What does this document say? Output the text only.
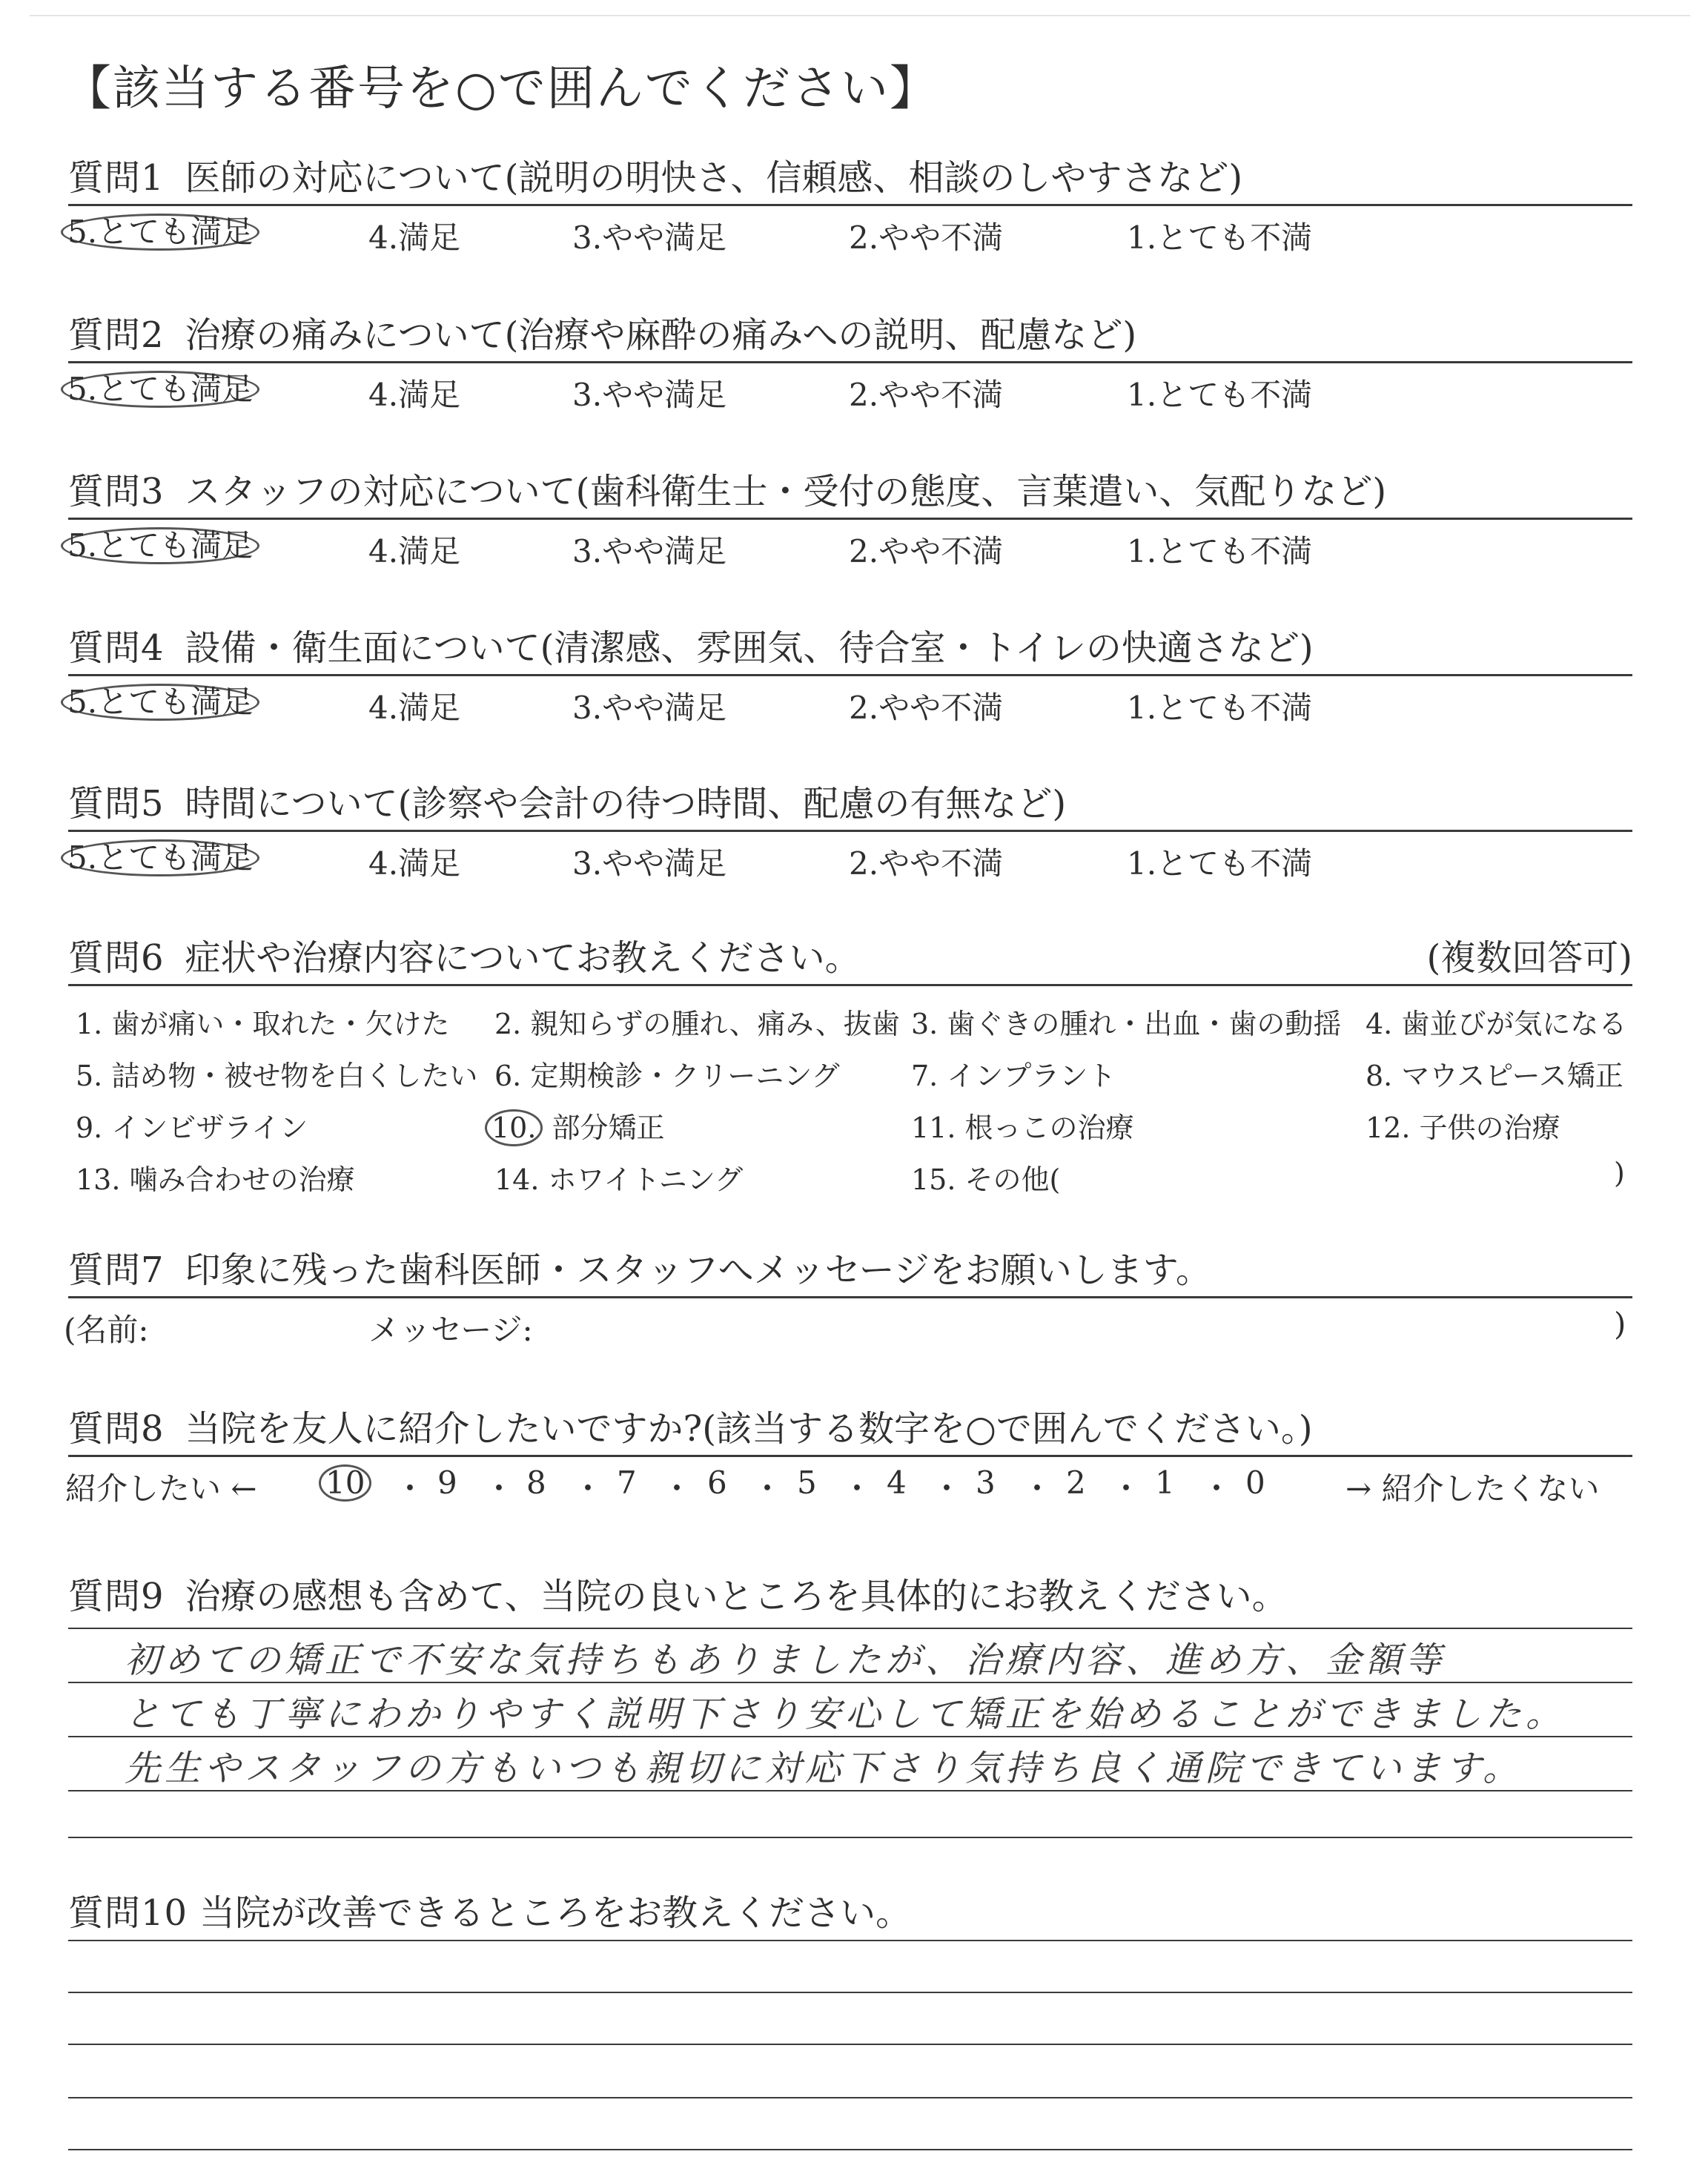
【該当する番号を○で囲んでください】
質問1 医師の対応について(説明の明快さ、信頼感、相談のしやすさなど)
5.とても満足	4.満足	3.やや満足	2.やや不満	1.とても不満
質問2 治療の痛みについて(治療や麻酔の痛みへの説明、配慮など)
5.とても満足	4.満足	3.やや満足	2.やや不満	1.とても不満
質問3 スタッフの対応について(歯科衛生士・受付の態度、言葉遣い、気配りなど)
5.とても満足	4.満足	3.やや満足	2.やや不満	1.とても不満
質問4 設備・衛生面について(清潔感、雰囲気、待合室・トイレの快適さなど)
5.とても満足	4.満足	3.やや満足	2.やや不満	1.とても不満
質問5 時間について(診察や会計の待つ時間、配慮の有無など)
5.とても満足	4.満足	3.やや満足	2.やや不満	1.とても不満
質問6 症状や治療内容についてお教えください。	(複数回答可)
1. 歯が痛い・取れた・欠けた 2. 親知らずの腫れ、痛み、抜歯 3. 歯ぐきの腫れ・出血・歯の動揺 4. 歯並びが気になる
5. 詰め物・被せ物を白くしたい 6. 定期検診・クリーニング	7. インプラント	8. マウスピース矯正
9. インビザライン	10. 部分矯正	11. 根っこの治療	12. 子供の治療
13. 噛み合わせの治療	14. ホワイトニング	15. その他(	)
質問7 印象に残った歯科医師・スタッフへメッセージをお願いします。
(名前:	メッセージ:	)
質問8 当院を友人に紹介したいですか?(該当する数字を○で囲んでください。)
紹介したい ← 10 ・ 9 ・ 8 ・ 7 ・ 6 ・ 5 ・ 4 ・ 3 ・ 2 ・ 1 ・ 0	→ 紹介したくない
質問9 治療の感想も含めて、当院の良いところを具体的にお教えください。
初めての矯正で不安な気持ちもありましたが、治療内容、進め方、金額等
とても丁寧にわかりやすく説明下さり安心して矯正を始めることができました。
先生やスタッフの方もいつも親切に対応下さり気持ち良く通院できています。
質問10 当院が改善できるところをお教えください。
